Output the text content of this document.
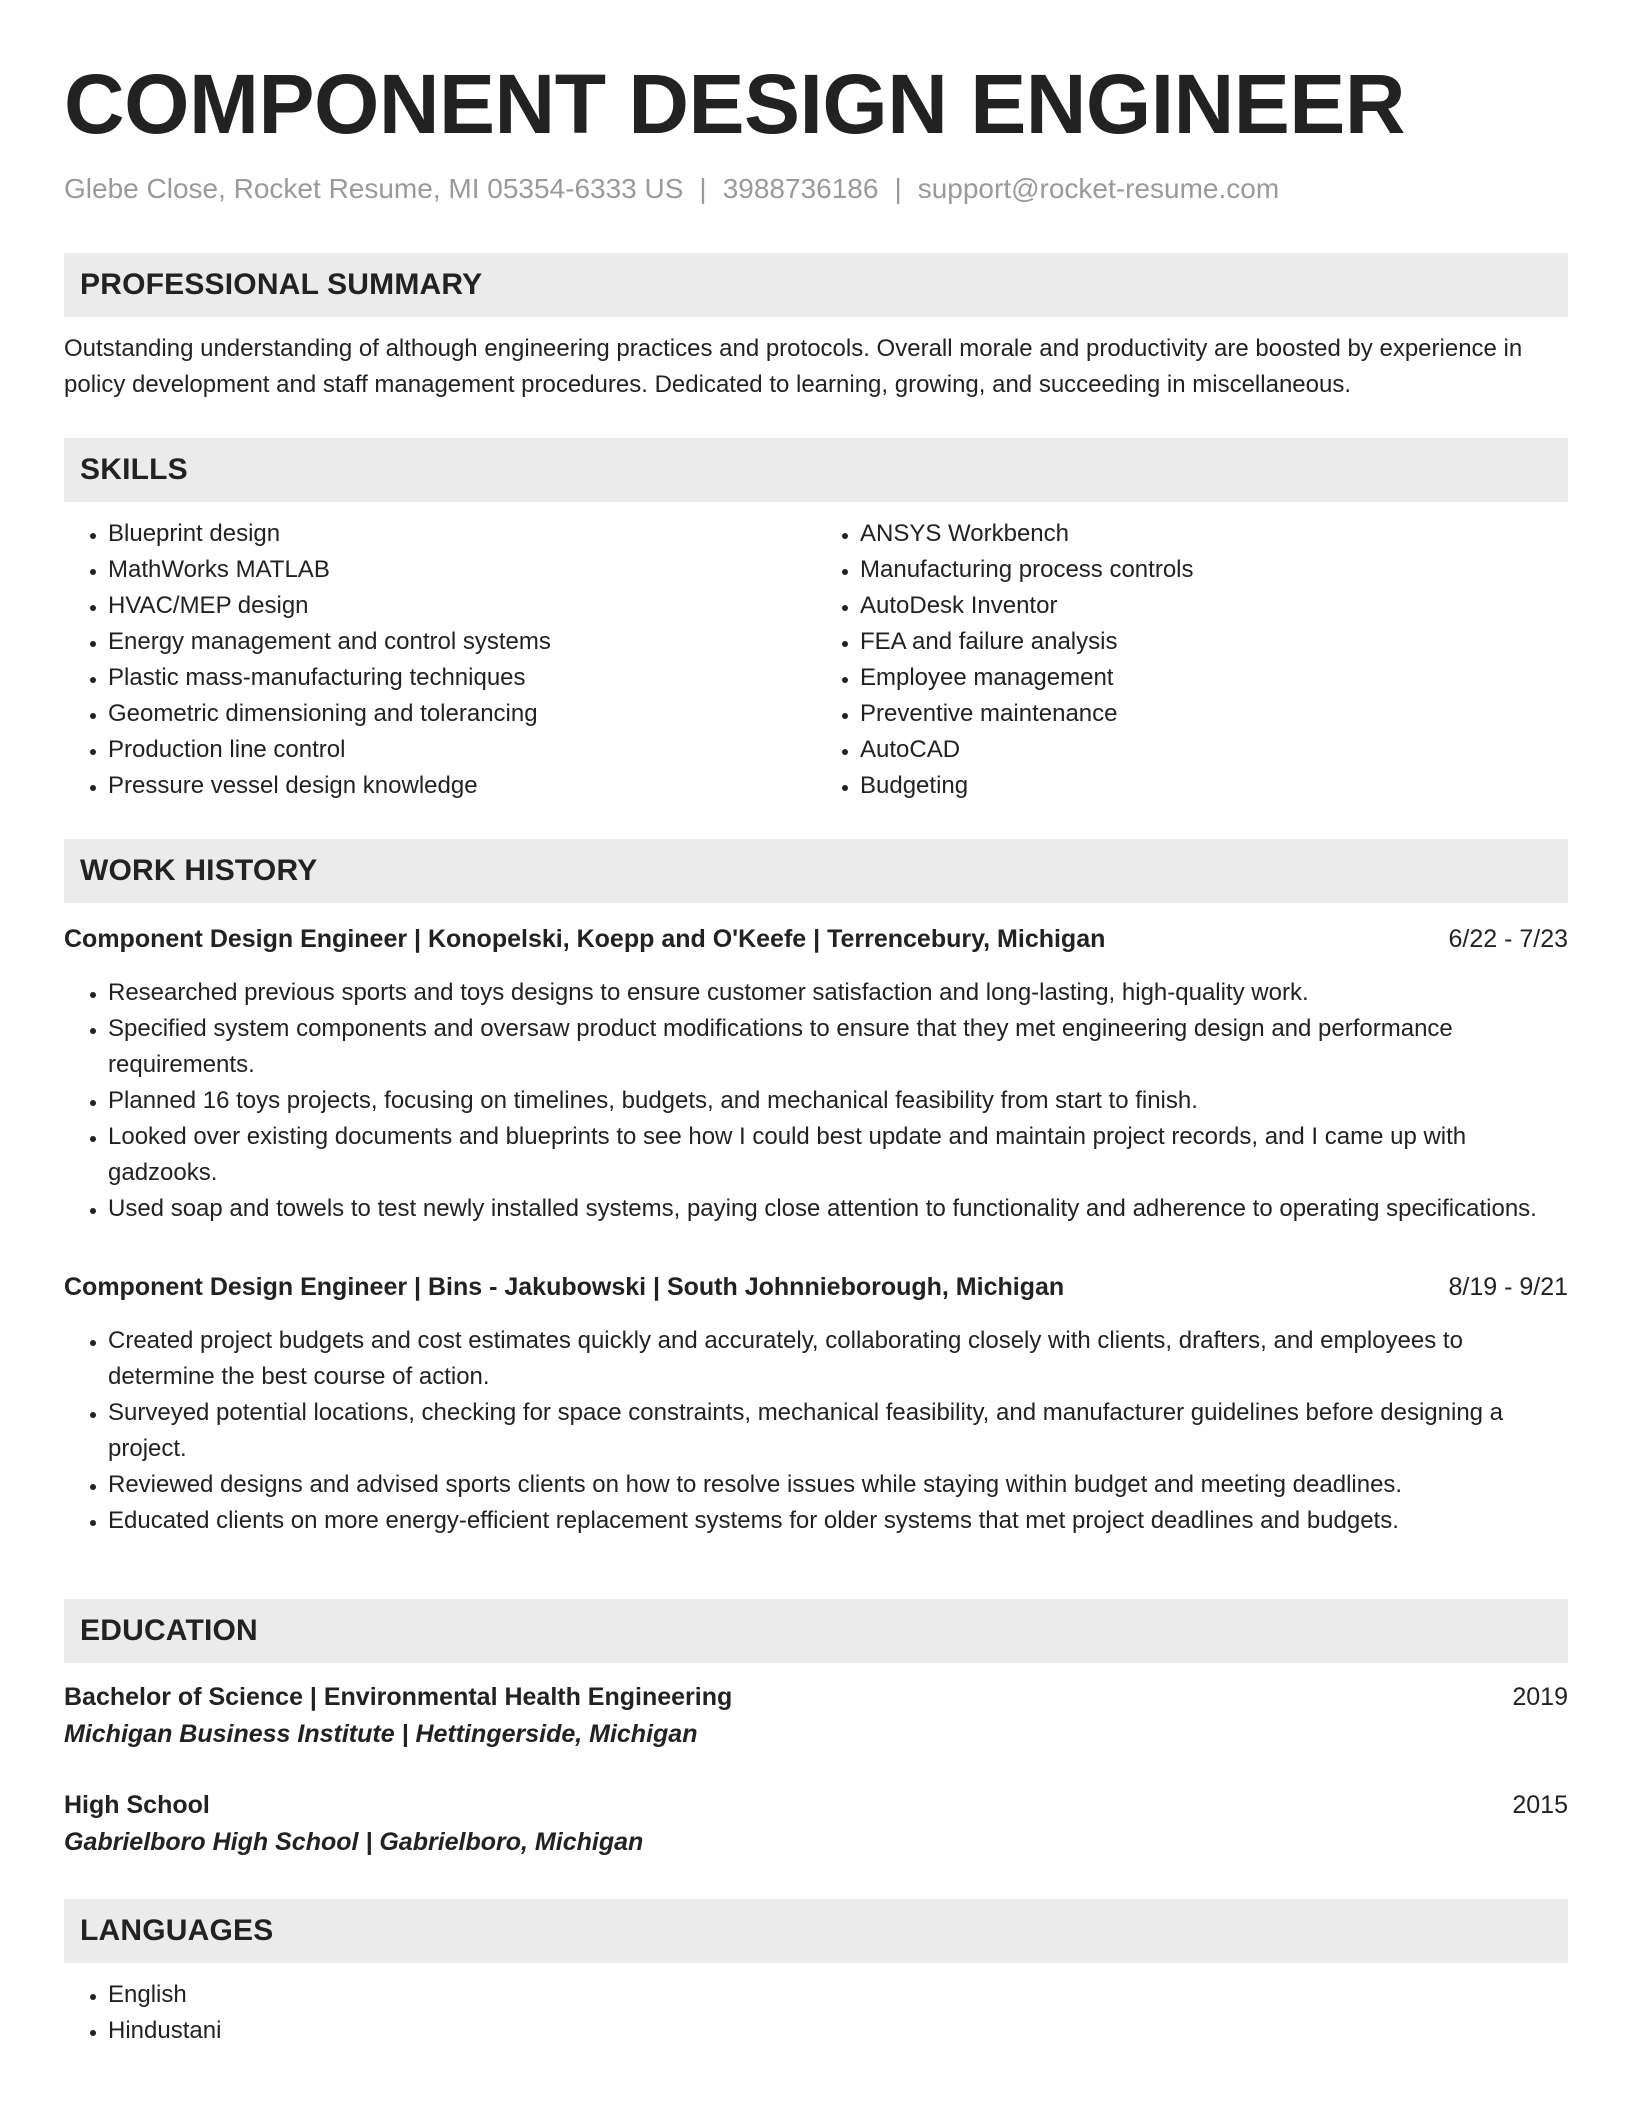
COMPONENT DESIGN ENGINEER
Glebe Close, Rocket Resume, MI 05354-6333 US | 3988736186 | support@rocket-resume.com
PROFESSIONAL SUMMARY
Outstanding understanding of although engineering practices and protocols. Overall morale and productivity are boosted by experience in policy development and staff management procedures. Dedicated to learning, growing, and succeeding in miscellaneous.
SKILLS
• Blueprint design
• MathWorks MATLAB
• HVAC/MEP design
• Energy management and control systems
• Plastic mass-manufacturing techniques
• Geometric dimensioning and tolerancing
• Production line control
• Pressure vessel design knowledge
• ANSYS Workbench
• Manufacturing process controls
• AutoDesk Inventor
• FEA and failure analysis
• Employee management
• Preventive maintenance
• AutoCAD
• Budgeting
WORK HISTORY
Component Design Engineer | Konopelski, Koepp and O'Keefe | Terrencebury, Michigan	6/22 - 7/23
• Researched previous sports and toys designs to ensure customer satisfaction and long-lasting, high-quality work.
• Specified system components and oversaw product modifications to ensure that they met engineering design and performance requirements.
• Planned 16 toys projects, focusing on timelines, budgets, and mechanical feasibility from start to finish.
• Looked over existing documents and blueprints to see how I could best update and maintain project records, and I came up with gadzooks.
• Used soap and towels to test newly installed systems, paying close attention to functionality and adherence to operating specifications.
Component Design Engineer | Bins - Jakubowski | South Johnnieborough, Michigan	8/19 - 9/21
• Created project budgets and cost estimates quickly and accurately, collaborating closely with clients, drafters, and employees to determine the best course of action.
• Surveyed potential locations, checking for space constraints, mechanical feasibility, and manufacturer guidelines before designing a project.
• Reviewed designs and advised sports clients on how to resolve issues while staying within budget and meeting deadlines.
• Educated clients on more energy-efficient replacement systems for older systems that met project deadlines and budgets.
EDUCATION
Bachelor of Science | Environmental Health Engineering	2019
Michigan Business Institute | Hettingerside, Michigan
High School	2015
Gabrielboro High School | Gabrielboro, Michigan
LANGUAGES
• English
• Hindustani
